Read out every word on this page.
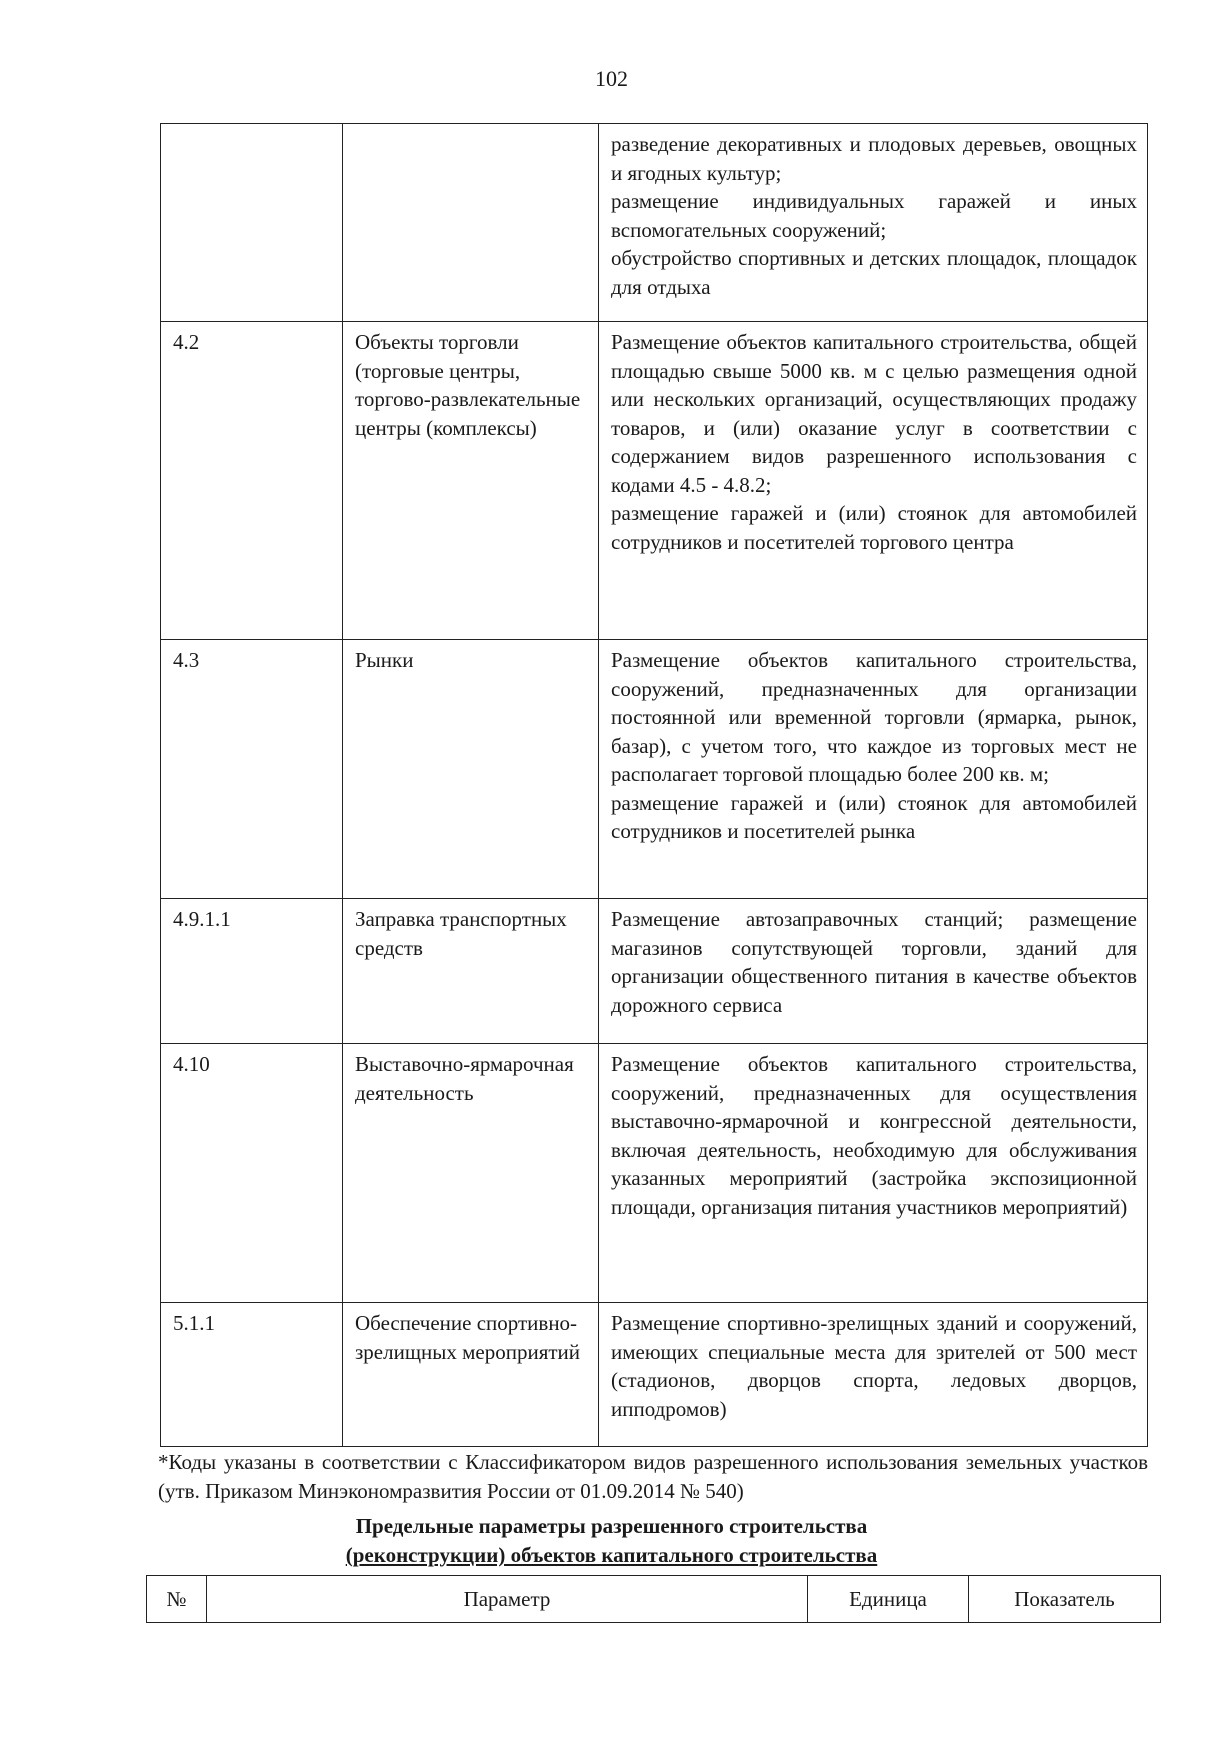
102

		разведение декоративных и плодовых деревьев, овощных и ягодных культур;
размещение индивидуальных гаражей и иных вспомогательных сооружений;
обустройство спортивных и детских площадок, площадок для отдыха

4.2	Объекты торговли (торговые центры, торгово-развлекательные центры (комплексы)	Размещение объектов капитального строительства, общей площадью свыше 5000 кв. м с целью размещения одной или нескольких организаций, осуществляющих продажу товаров, и (или) оказание услуг в соответствии с содержанием видов разрешенного использования с кодами 4.5 - 4.8.2;
размещение гаражей и (или) стоянок для автомобилей сотрудников и посетителей торгового центра

4.3	Рынки	Размещение объектов капитального строительства, сооружений, предназначенных для организации постоянной или временной торговли (ярмарка, рынок, базар), с учетом того, что каждое из торговых мест не располагает торговой площадью более 200 кв. м;
размещение гаражей и (или) стоянок для автомобилей сотрудников и посетителей рынка

4.9.1.1	Заправка транспортных средств	Размещение автозаправочных станций; размещение магазинов сопутствующей торговли, зданий для организации общественного питания в качестве объектов дорожного сервиса

4.10	Выставочно-ярмарочная деятельность	Размещение объектов капитального строительства, сооружений, предназначенных для осуществления выставочно-ярмарочной и конгрессной деятельности, включая деятельность, необходимую для обслуживания указанных мероприятий (застройка экспозиционной площади, организация питания участников мероприятий)

5.1.1	Обеспечение спортивно-зрелищных мероприятий	Размещение спортивно-зрелищных зданий и сооружений, имеющих специальные места для зрителей от 500 мест (стадионов, дворцов спорта, ледовых дворцов, ипподромов)
*Коды указаны в соответствии с Классификатором видов разрешенного использования земельных участков (утв. Приказом Минэкономразвития России от 01.09.2014 № 540)
Предельные параметры разрешенного строительства
(реконструкции) объектов капитального строительства
№	Параметр	Единица	Показатель
